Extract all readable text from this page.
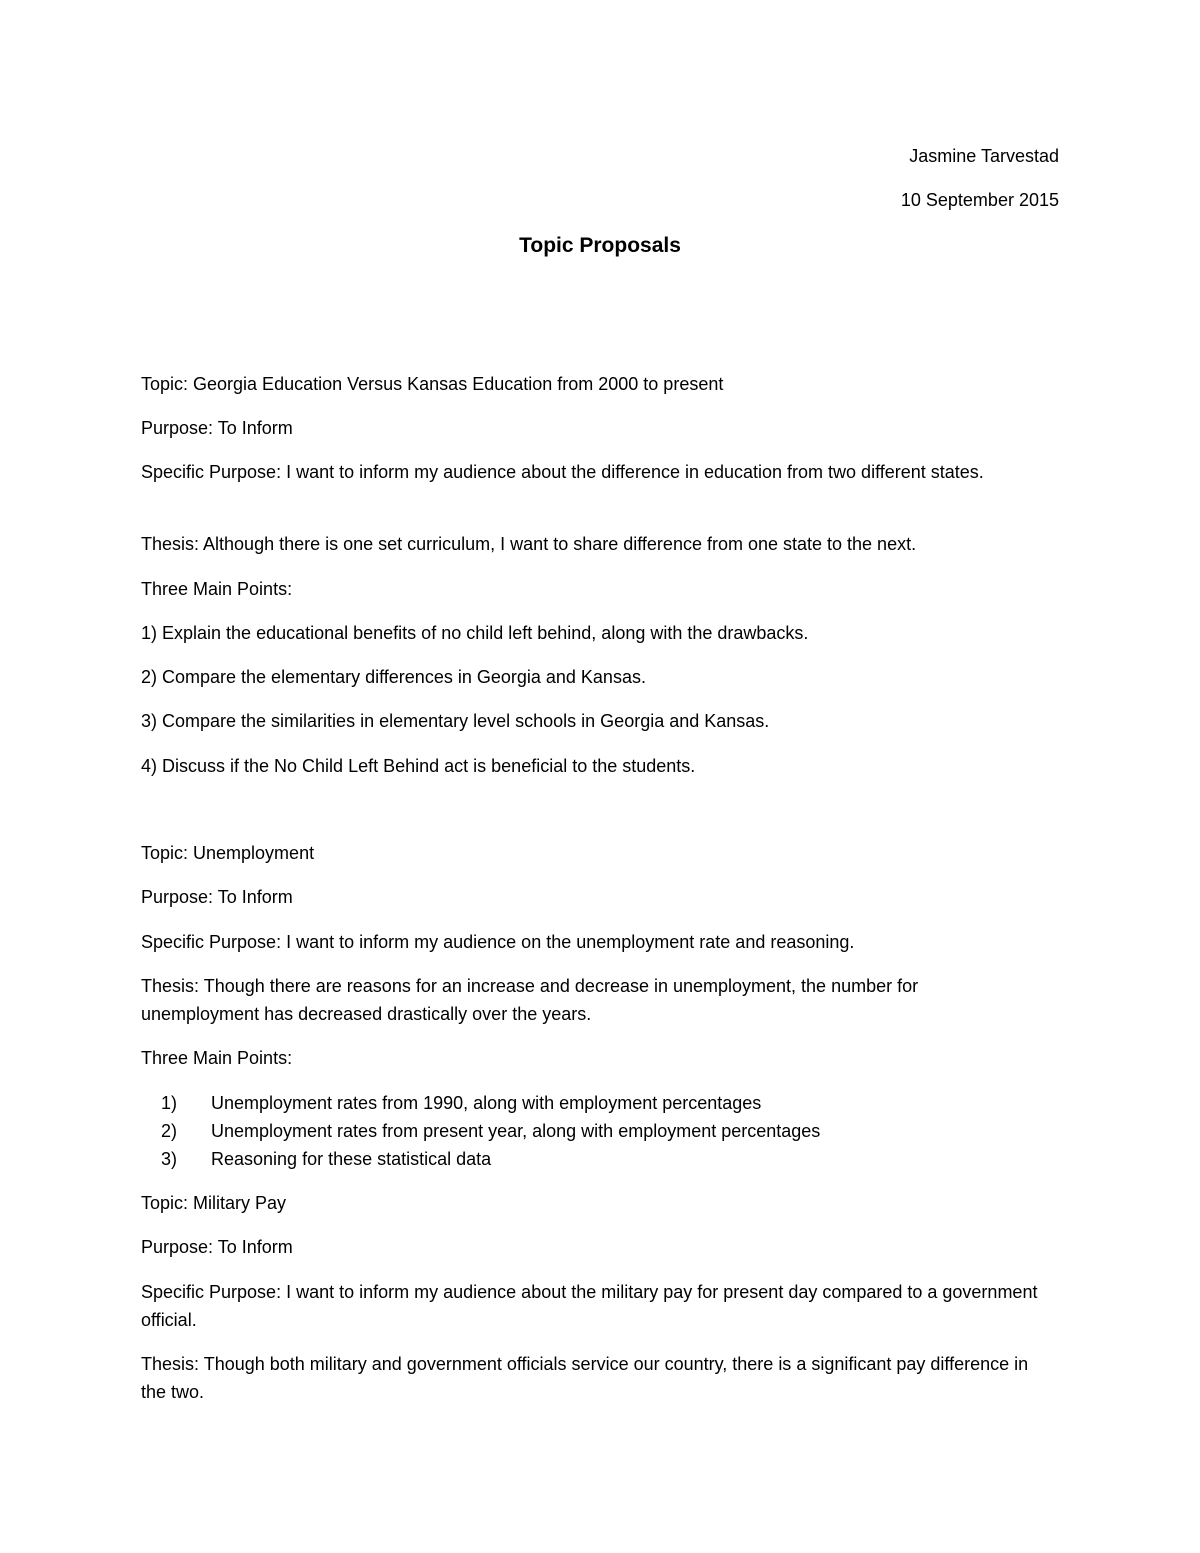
Jasmine Tarvestad

10 September 2015

Topic Proposals

Topic: Georgia Education Versus Kansas Education from 2000 to present

Purpose: To Inform

Specific Purpose: I want to inform my audience about the difference in education from two different states.

Thesis: Although there is one set curriculum, I want to share difference from one state to the next.

Three Main Points:

1) Explain the educational benefits of no child left behind, along with the drawbacks.

2) Compare the elementary differences in Georgia and Kansas.

3) Compare the similarities in elementary level schools in Georgia and Kansas.

4) Discuss if the No Child Left Behind act is beneficial to the students.

Topic: Unemployment

Purpose: To Inform

Specific Purpose: I want to inform my audience on the unemployment rate and reasoning.

Thesis: Though there are reasons for an increase and decrease in unemployment, the number for unemployment has decreased drastically over the years.

Three Main Points:

1) Unemployment rates from 1990, along with employment percentages

2) Unemployment rates from present year, along with employment percentages

3) Reasoning for these statistical data

Topic: Military Pay

Purpose: To Inform

Specific Purpose: I want to inform my audience about the military pay for present day compared to a government official.

Thesis: Though both military and government officials service our country, there is a significant pay difference in the two.
